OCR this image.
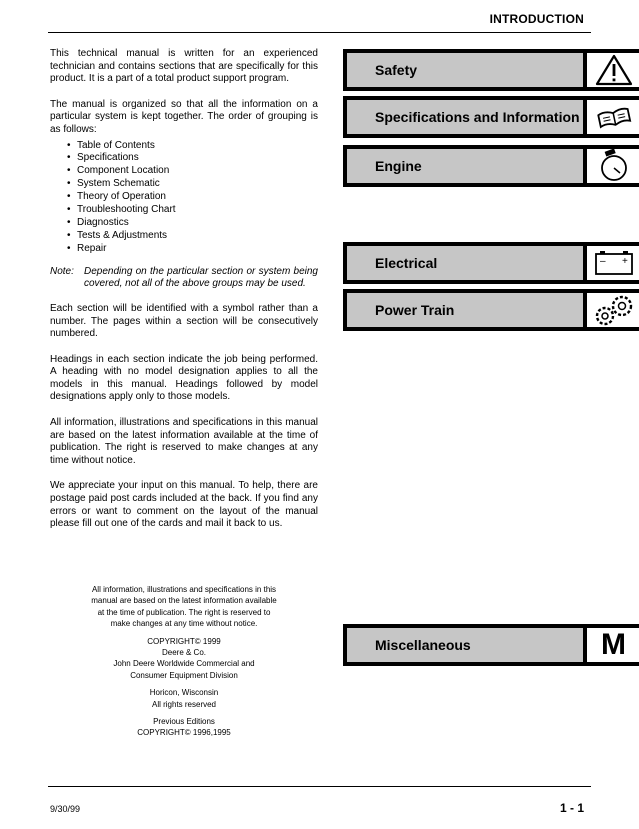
INTRODUCTION

This technical manual is written for an experienced technician and contains sections that are specifically for this product. It is a part of a total product support program.

The manual is organized so that all the information on a particular system is kept together. The order of grouping is as follows:

• Table of Contents
• Specifications
• Component Location
• System Schematic
• Theory of Operation
• Troubleshooting Chart
• Diagnostics
• Tests & Adjustments
• Repair
Note:	Depending on the particular section or system being covered, not all of the above groups may be used.

Each section will be identified with a symbol rather than a number. The pages within a section will be consecutively numbered.

Headings in each section indicate the job being performed. A heading with no model designation applies to all the models in this manual. Headings followed by model designations apply only to those models.

All information, illustrations and specifications in this manual are based on the latest information available at the time of publication. The right is reserved to make changes at any time without notice.

We appreciate your input on this manual. To help, there are postage paid post cards included at the back. If you find any errors or want to comment on the layout of the manual please fill out one of the cards and mail it back to us.

All information, illustrations and specifications in this manual are based on the latest information available at the time of publication. The right is reserved to make changes at any time without notice.

COPYRIGHT© 1999

Deere & Co.

John Deere Worldwide Commercial and

Consumer Equipment Division

Horicon, Wisconsin

All rights reserved

Previous Editions

COPYRIGHT© 1996,1995

Safety
Specifications and Information
Engine
Electrical	– +
Power Train
Miscellaneous	M
9/30/99	1 - 1
